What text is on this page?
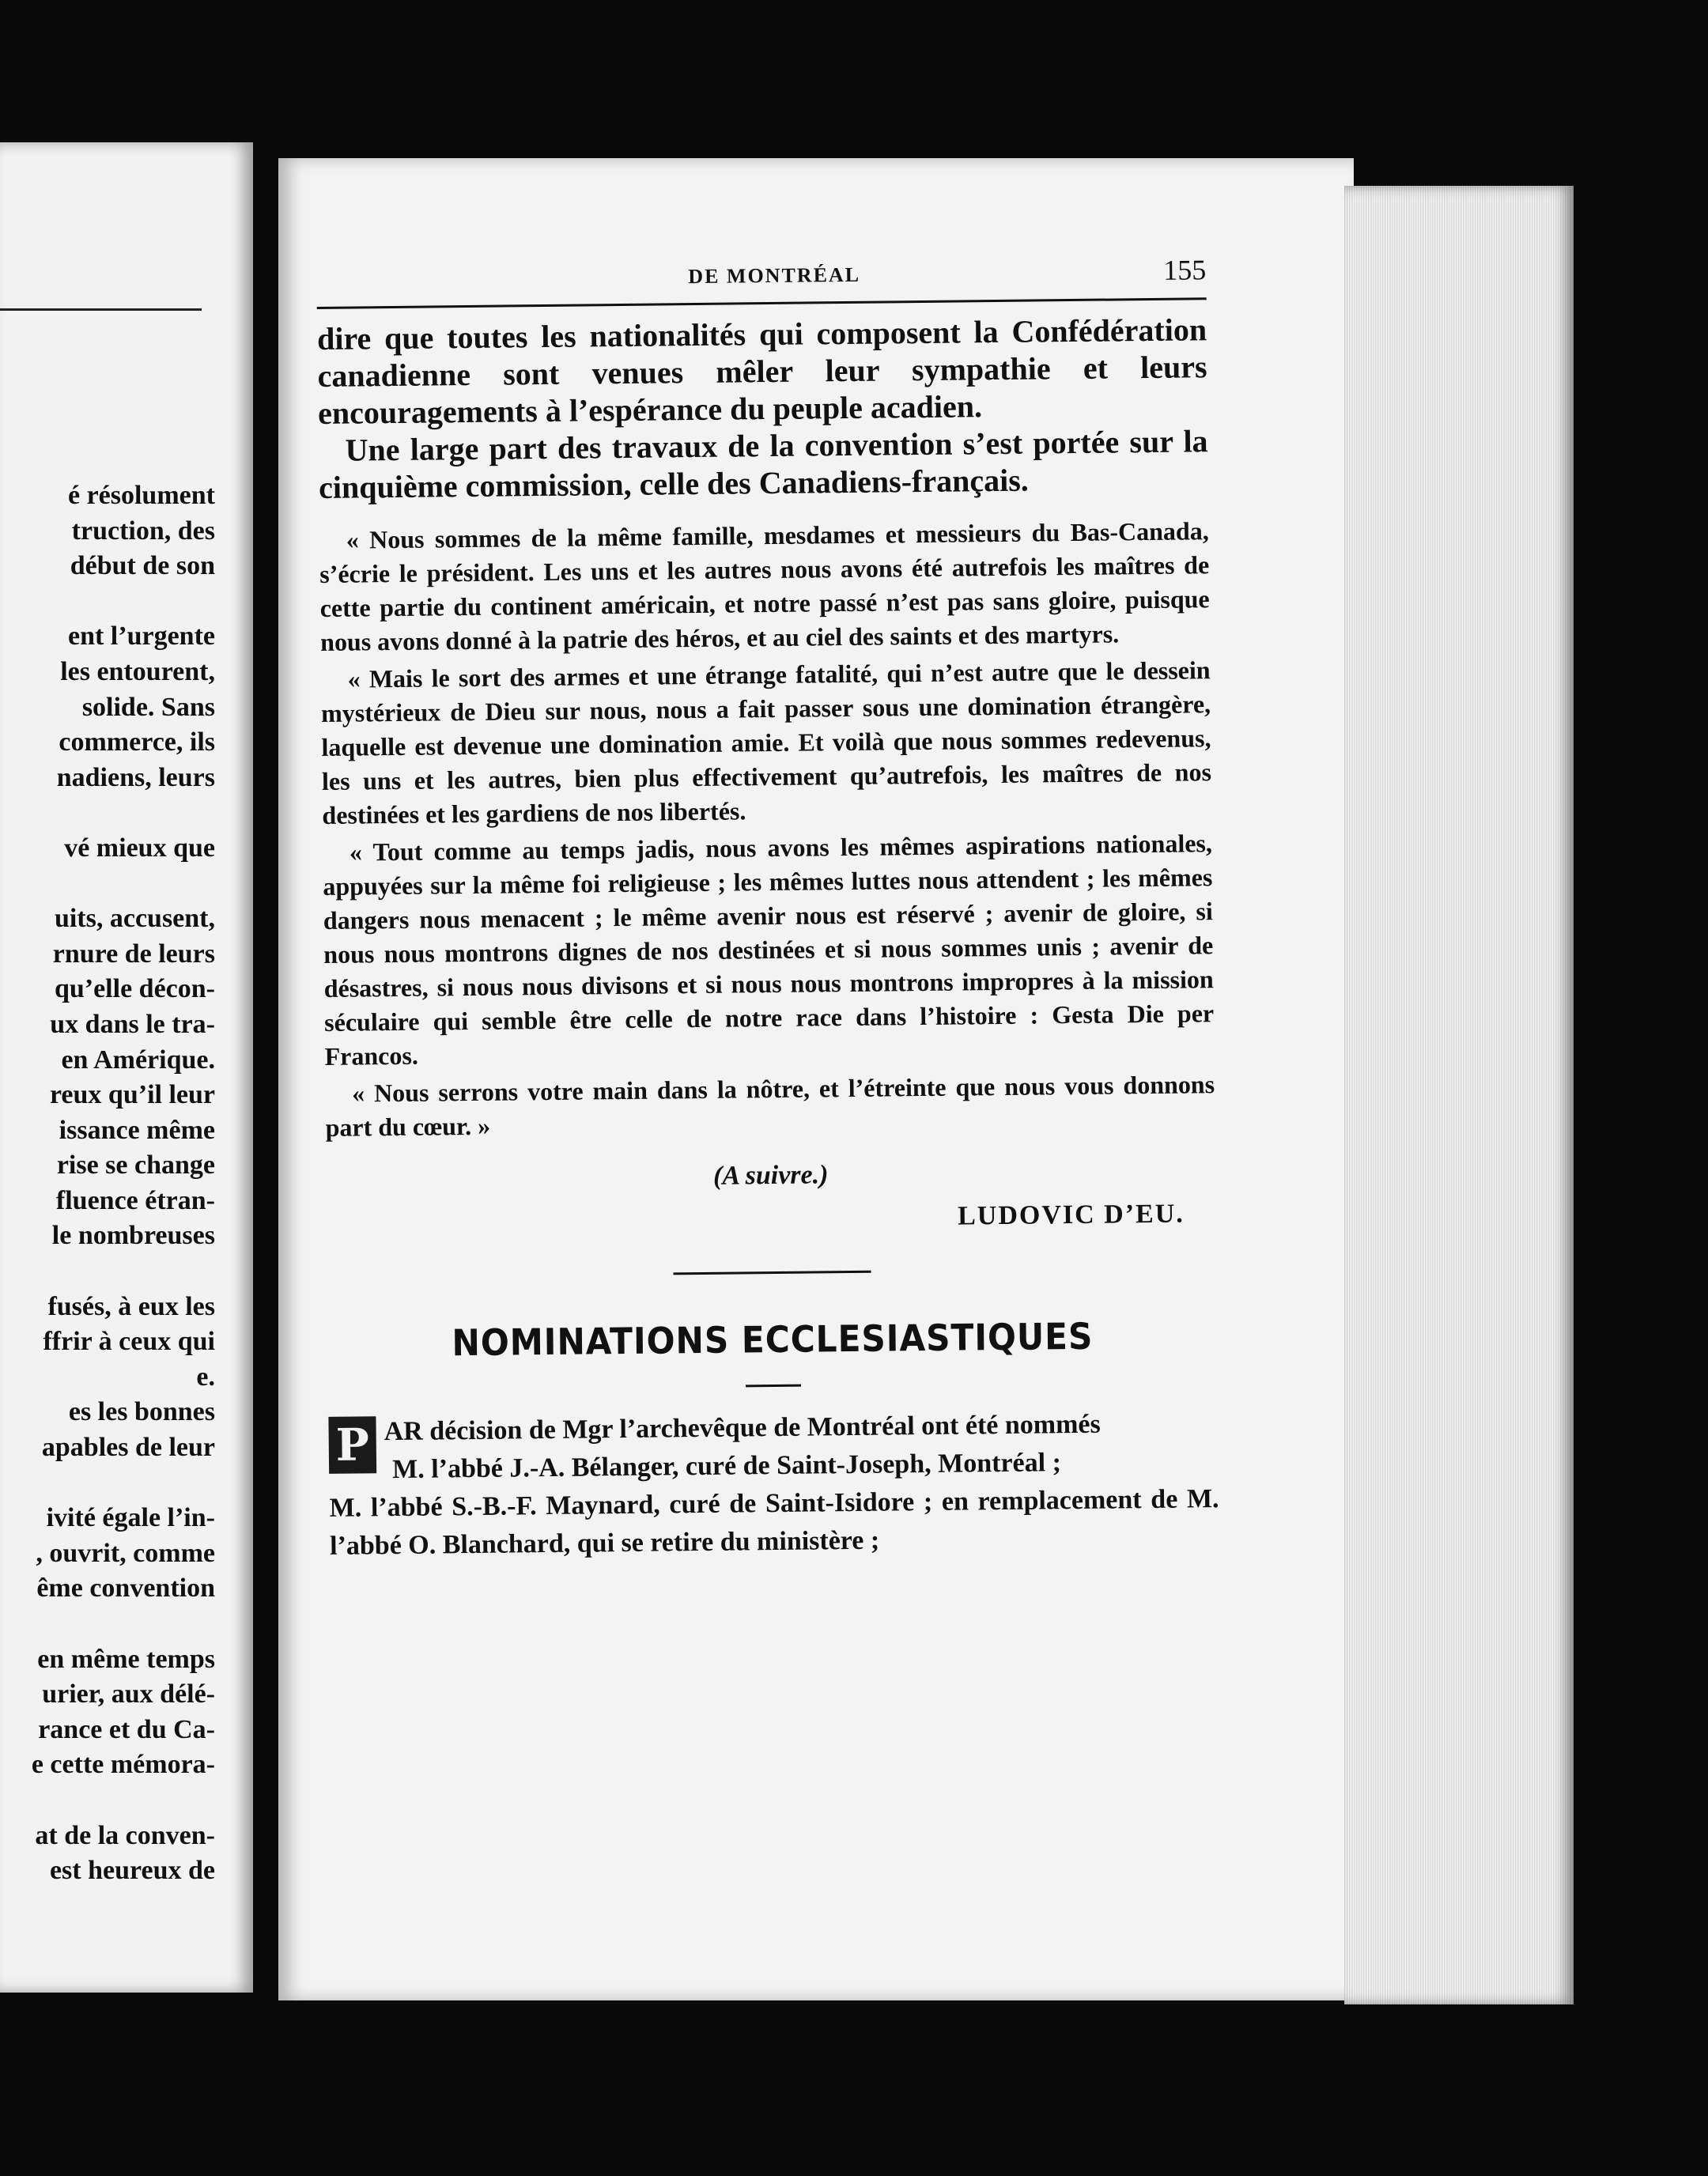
é résolument
truction, des
début de son
ent l’urgente
les entourent,
solide. Sans
commerce, ils
nadiens, leurs
vé mieux que
uits, accusent,
rnure de leurs
qu’elle décon-
ux dans le tra-
en Amérique.
reux qu’il leur
issance même
rise se change
fluence étran-
le nombreuses
fusés, à eux les
ffrir à ceux qui
e.
es les bonnes
apables de leur
ivité égale l’in-
, ouvrit, comme
ême convention
en même temps
urier, aux délé-
rance et du Ca-
e cette mémora-
at de la conven-
est heureux de
DE MONTRÉAL	155

dire que toutes les nationalités qui composent la Confédération canadienne sont venues mêler leur sympathie et leurs encouragements à l’espérance du peuple acadien.

Une large part des travaux de la convention s’est portée sur la cinquième commission, celle des Canadiens-français.

« Nous sommes de la même famille, mesdames et messieurs du Bas-Canada, s’écrie le président. Les uns et les autres nous avons été autrefois les maîtres de cette partie du continent américain, et notre passé n’est pas sans gloire, puisque nous avons donné à la patrie des héros, et au ciel des saints et des martyrs.

« Mais le sort des armes et une étrange fatalité, qui n’est autre que le dessein mystérieux de Dieu sur nous, nous a fait passer sous une domination étrangère, laquelle est devenue une domination amie. Et voilà que nous sommes redevenus, les uns et les autres, bien plus effectivement qu’autrefois, les maîtres de nos destinées et les gardiens de nos libertés.

« Tout comme au temps jadis, nous avons les mêmes aspirations nationales, appuyées sur la même foi religieuse ; les mêmes luttes nous attendent ; les mêmes dangers nous menacent ; le même avenir nous est réservé ; avenir de gloire, si nous nous montrons dignes de nos destinées et si nous sommes unis ; avenir de désastres, si nous nous divisons et si nous nous montrons impropres à la mission séculaire qui semble être celle de notre race dans l’histoire : Gesta Die per Francos.

« Nous serrons votre main dans la nôtre, et l’étreinte que nous vous donnons part du cœur. »

(A suivre.)
LUDOVIC D’EU.
NOMINATIONS ECCLESIASTIQUES
P AR décision de Mgr l’archevêque de Montréal ont été nommés
M. l’abbé J.-A. Bélanger, curé de Saint-Joseph, Montréal ;
M. l’abbé S.-B.-F. Maynard, curé de Saint-Isidore ; en remplacement de M. l’abbé O. Blanchard, qui se retire du ministère ;
